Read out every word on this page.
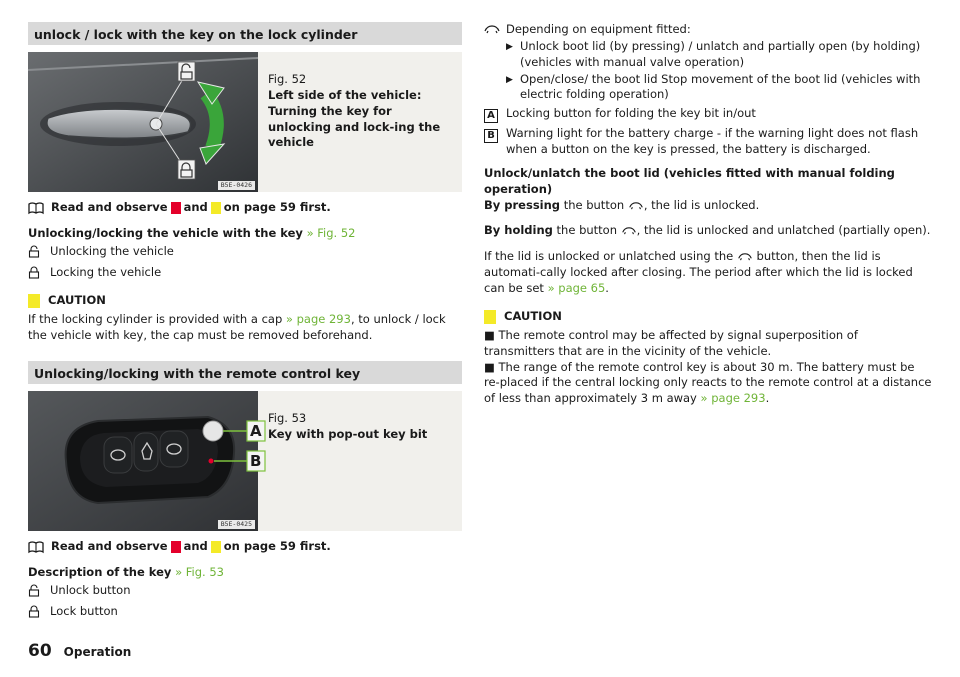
unlock / lock with the key on the lock cylinder
B5E-0426
Fig. 52
Left side of the vehicle: Turning the key for unlocking and lock-ing the vehicle
Read and observe and on page 59 first.

Unlocking/locking the vehicle with the key » Fig. 52

Unlocking the vehicle
Locking the vehicle
CAUTION
If the locking cylinder is provided with a cap » page 293, to unlock / lock the vehicle with key, the cap must be removed beforehand.
Unlocking/locking with the remote control key
A
B
B5E-0425
Fig. 53
Key with pop-out key bit
Read and observe and on page 59 first.

Description of the key » Fig. 53

Unlock button
Lock button
Depending on equipment fitted:
▶ Unlock boot lid (by pressing) / unlatch and partially open (by holding) (vehicles with manual valve operation)
▶ Open/close/ the boot lid Stop movement of the boot lid (vehicles with electric folding operation)
A Locking button for folding the key bit in/out
B Warning light for the battery charge - if the warning light does not flash when a button on the key is pressed, the battery is discharged.

Unlock/unlatch the boot lid (vehicles fitted with manual folding operation)

By pressing the button , the lid is unlocked.

By holding the button , the lid is unlocked and unlatched (partially open).

If the lid is unlocked or unlatched using the button, then the lid is automati-cally locked after closing. The period after which the lid is locked can be set » page 65.

CAUTION
■ The remote control may be affected by signal superposition of transmitters that are in the vicinity of the vehicle.
■ The range of the remote control key is about 30 m. The battery must be re-placed if the central locking only reacts to the remote control at a distance of less than approximately 3 m away » page 293.
60 Operation
